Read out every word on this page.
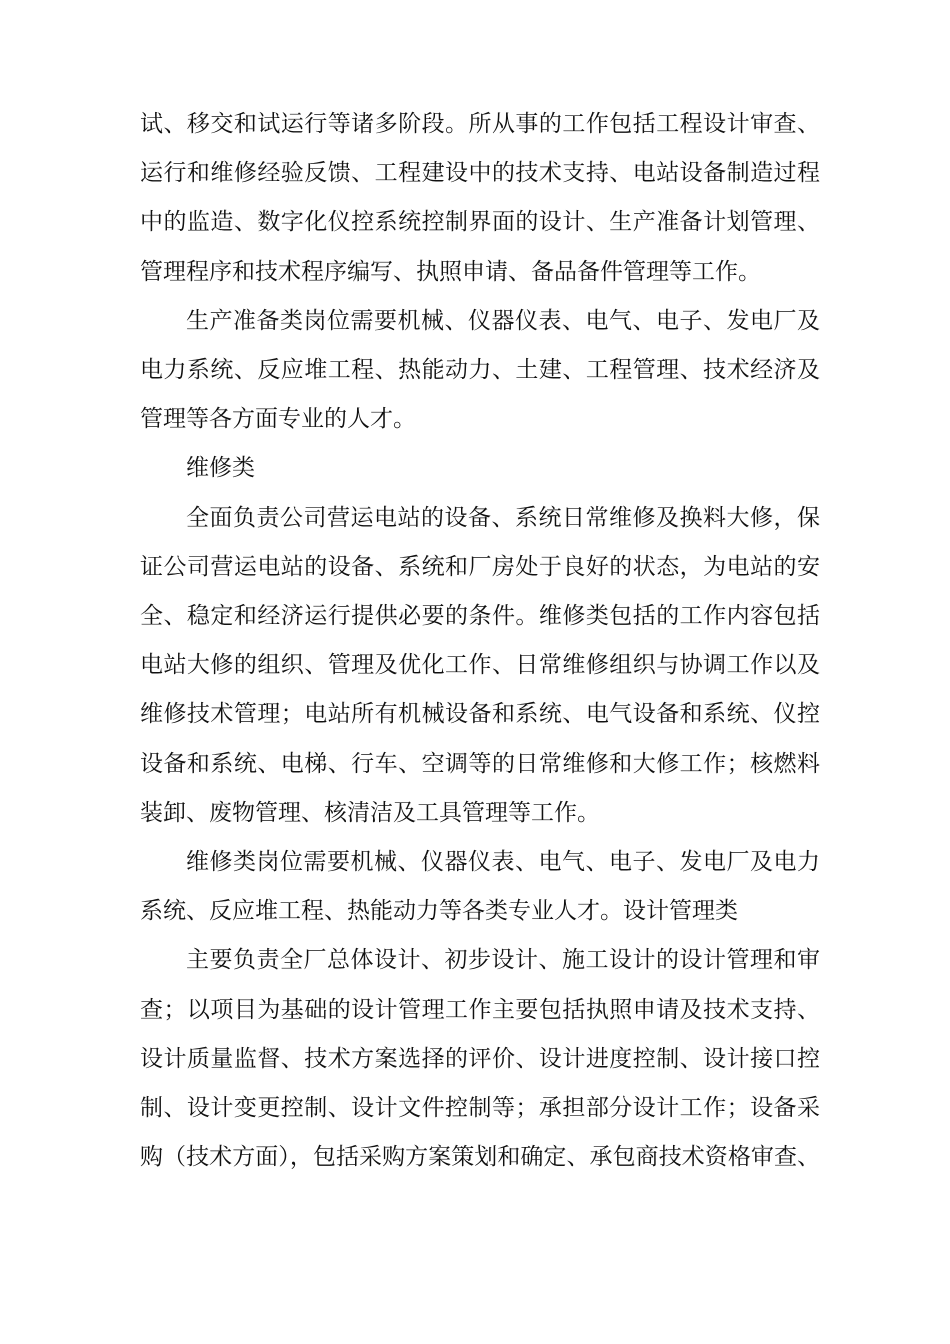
试、移交和试运行等诸多阶段。所从事的工作包括工程设计审查、
运行和维修经验反馈、工程建设中的技术支持、电站设备制造过程
中的监造、数字化仪控系统控制界面的设计、生产准备计划管理、
管理程序和技术程序编写、执照申请、备品备件管理等工作。
生产准备类岗位需要机械、仪器仪表、电气、电子、发电厂及
电力系统、反应堆工程、热能动力、土建、工程管理、技术经济及
管理等各方面专业的人才。
维修类
全面负责公司营运电站的设备、系统日常维修及换料大修，保
证公司营运电站的设备、系统和厂房处于良好的状态，为电站的安
全、稳定和经济运行提供必要的条件。维修类包括的工作内容包括
电站大修的组织、管理及优化工作、日常维修组织与协调工作以及
维修技术管理；电站所有机械设备和系统、电气设备和系统、仪控
设备和系统、电梯、行车、空调等的日常维修和大修工作；核燃料
装卸、废物管理、核清洁及工具管理等工作。
维修类岗位需要机械、仪器仪表、电气、电子、发电厂及电力
系统、反应堆工程、热能动力等各类专业人才。设计管理类
主要负责全厂总体设计、初步设计、施工设计的设计管理和审
查；以项目为基础的设计管理工作主要包括执照申请及技术支持、
设计质量监督、技术方案选择的评价、设计进度控制、设计接口控
制、设计变更控制、设计文件控制等；承担部分设计工作；设备采
购（技术方面），包括采购方案策划和确定、承包商技术资格审查、
